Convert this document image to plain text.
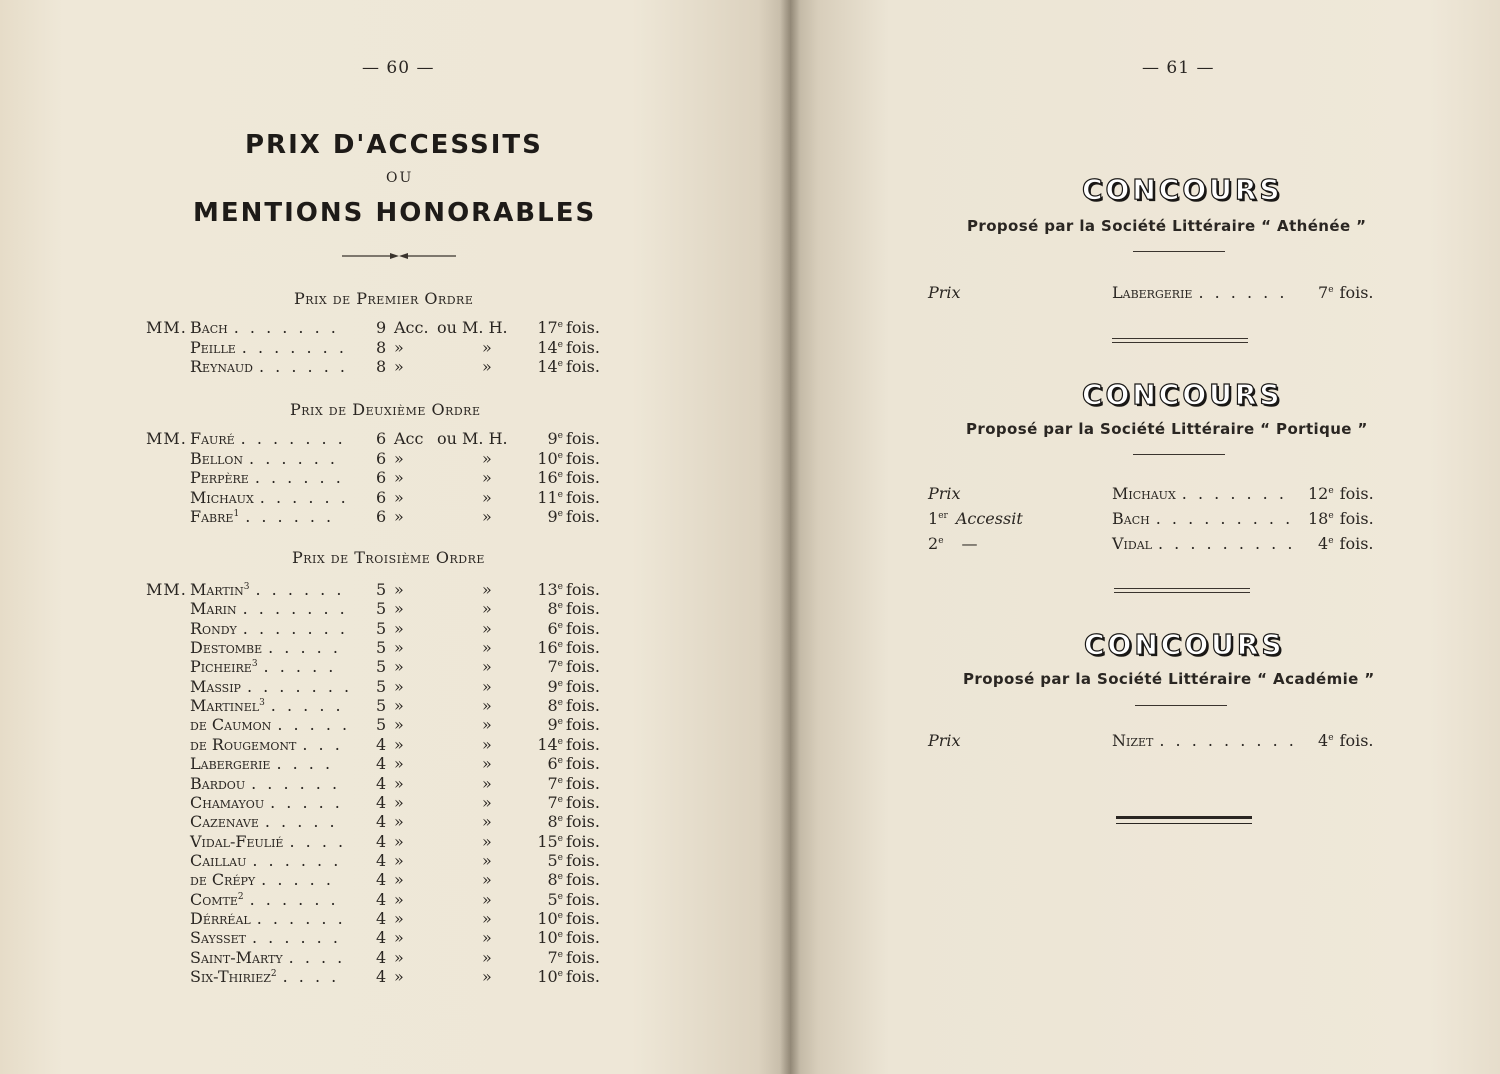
— 60 —
PRIX D'ACCESSITS
OU
MENTIONS HONORABLES
Prix de Premier Ordre
MM. Bach . . . . . . .	9 Acc. ou M. H. 17e fois.
Peille . . . . . . .	8 »	»	14e fois.
Reynaud . . . . . .	8 »	»	14e fois.
Prix de Deuxième Ordre
MM. Fauré . . . . . . .	6 Acc ou M. H. 9e fois.
Bellon . . . . . .	6 »	»	10e fois.
Perpère . . . . . .	6 »	»	16e fois.
Michaux . . . . . .	6 »	»	11e fois.
Fabre$^1$ . . . . . .	6 »	»	9e fois.
Prix de Troisième Ordre
MM. Martin$^3$ . . . . . .	5 »	»	13e fois.
Marin . . . . . . .	5 »	»	8e fois.
Rondy . . . . . . .	5 »	»	6e fois.
Destombe . . . . .	5 »	»	16e fois.
Picheire$^3$ . . . . .	5 »	»	7e fois.
Massip . . . . . . .	5 »	»	9e fois.
Martinel$^3$ . . . . .	5 »	»	8e fois.
de Caumon . . . . .	5 »	»	9e fois.
de Rougemont . . .	4 »	»	14e fois.
Labergerie . . . .	4 »	»	6e fois.
Bardou . . . . . .	4 »	»	7e fois.
Chamayou . . . . .	4 »	»	7e fois.
Cazenave . . . . .	4 »	»	8e fois.
Vidal-Feulié . . . .	4 »	»	15e fois.
Caillau . . . . . .	4 »	»	5e fois.
de Crépy . . . . .	4 »	»	8e fois.
Comte$^2$ . . . . . .	4 »	»	5e fois.
Dérréal . . . . . .	4 »	»	10e fois.
Saysset . . . . . .	4 »	»	10e fois.
Saint-Marty . . . .	4 »	»	7e fois.
Six-Thiriez$^2$ . . . .	4 »	»	10e fois.
— 61 —
CONCOURS
Proposé par la Société Littéraire “ Athénée ”
Prix	Labergerie . . . . . . 7e fois.
CONCOURS
Proposé par la Société Littéraire “ Portique ”
Prix	Michaux . . . . . . . 12e fois.
1er Accessit	Bach . . . . . . . . . 18e fois.
2e —	Vidal . . . . . . . . . 4e fois.
CONCOURS
Proposé par la Société Littéraire “ Académie ”
Prix	Nizet . . . . . . . . . 4e fois.
